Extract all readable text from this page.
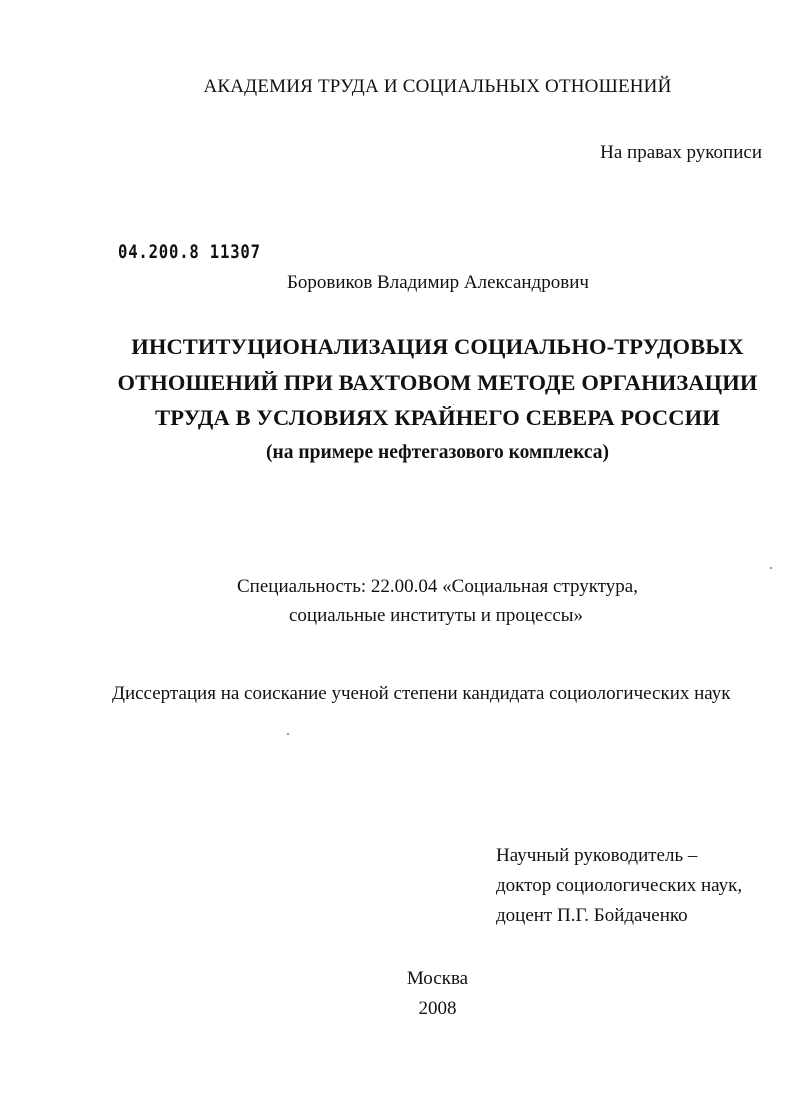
АКАДЕМИЯ ТРУДА И СОЦИАЛЬНЫХ ОТНОШЕНИЙ
На правах рукописи
04.200.8 11307
Боровиков Владимир Александрович
ИНСТИТУЦИОНАЛИЗАЦИЯ СОЦИАЛЬНО-ТРУДОВЫХ
ОТНОШЕНИЙ ПРИ ВАХТОВОМ МЕТОДЕ ОРГАНИЗАЦИИ
ТРУДА В УСЛОВИЯХ КРАЙНЕГО СЕВЕРА РОССИИ
(на примере нефтегазового комплекса)
Специальность: 22.00.04 «Социальная структура,
социальные институты и процессы»
Диссертация на соискание ученой степени кандидата социологических наук
Научный руководитель –
доктор социологических наук,
доцент П.Г. Бойдаченко
Москва
2008
